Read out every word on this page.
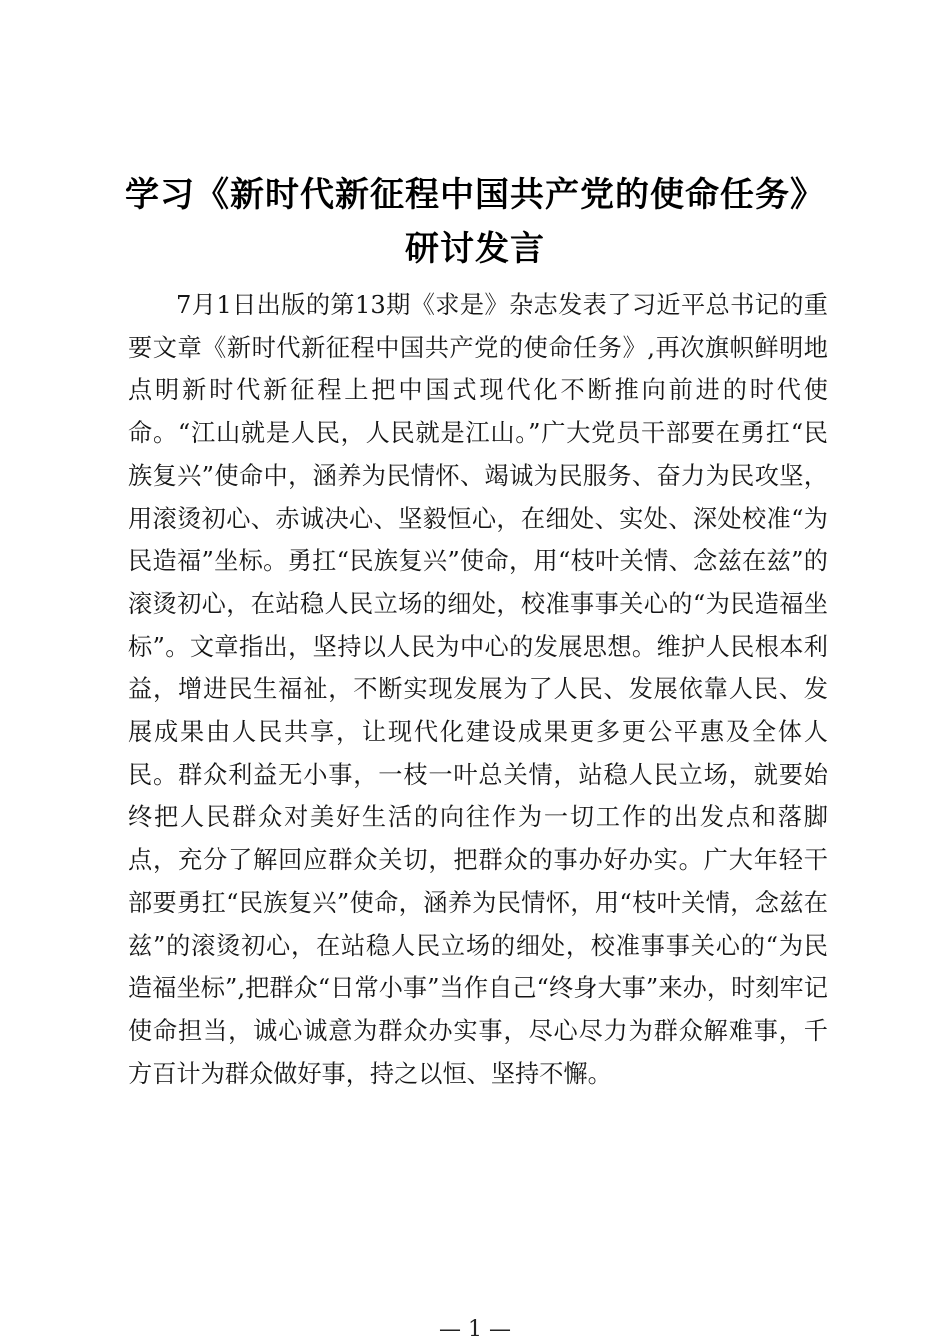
学习《新时代新征程中国共产党的使命任务》
研讨发言

7月1日出版的第13期《求是》杂志发表了习近平总书记的重要文章《新时代新征程中国共产党的使命任务》,再次旗帜鲜明地点明新时代新征程上把中国式现代化不断推向前进的时代使命。“江山就是人民，人民就是江山。”广大党员干部要在勇扛“民族复兴”使命中，涵养为民情怀、竭诚为民服务、奋力为民攻坚，用滚烫初心、赤诚决心、坚毅恒心，在细处、实处、深处校准“为民造福”坐标。勇扛“民族复兴”使命，用“枝叶关情、念兹在兹”的滚烫初心，在站稳人民立场的细处，校准事事关心的“为民造福坐标”。文章指出，坚持以人民为中心的发展思想。维护人民根本利益，增进民生福祉，不断实现发展为了人民、发展依靠人民、发展成果由人民共享，让现代化建设成果更多更公平惠及全体人民。群众利益无小事，一枝一叶总关情，站稳人民立场，就要始终把人民群众对美好生活的向往作为一切工作的出发点和落脚点，充分了解回应群众关切，把群众的事办好办实。广大年轻干部要勇扛“民族复兴”使命，涵养为民情怀，用“枝叶关情，念兹在兹”的滚烫初心，在站稳人民立场的细处，校准事事关心的“为民造福坐标”,把群众“日常小事”当作自己“终身大事”来办，时刻牢记使命担当，诚心诚意为群众办实事，尽心尽力为群众解难事，千方百计为群众做好事，持之以恒、坚持不懈。

— 1 —
